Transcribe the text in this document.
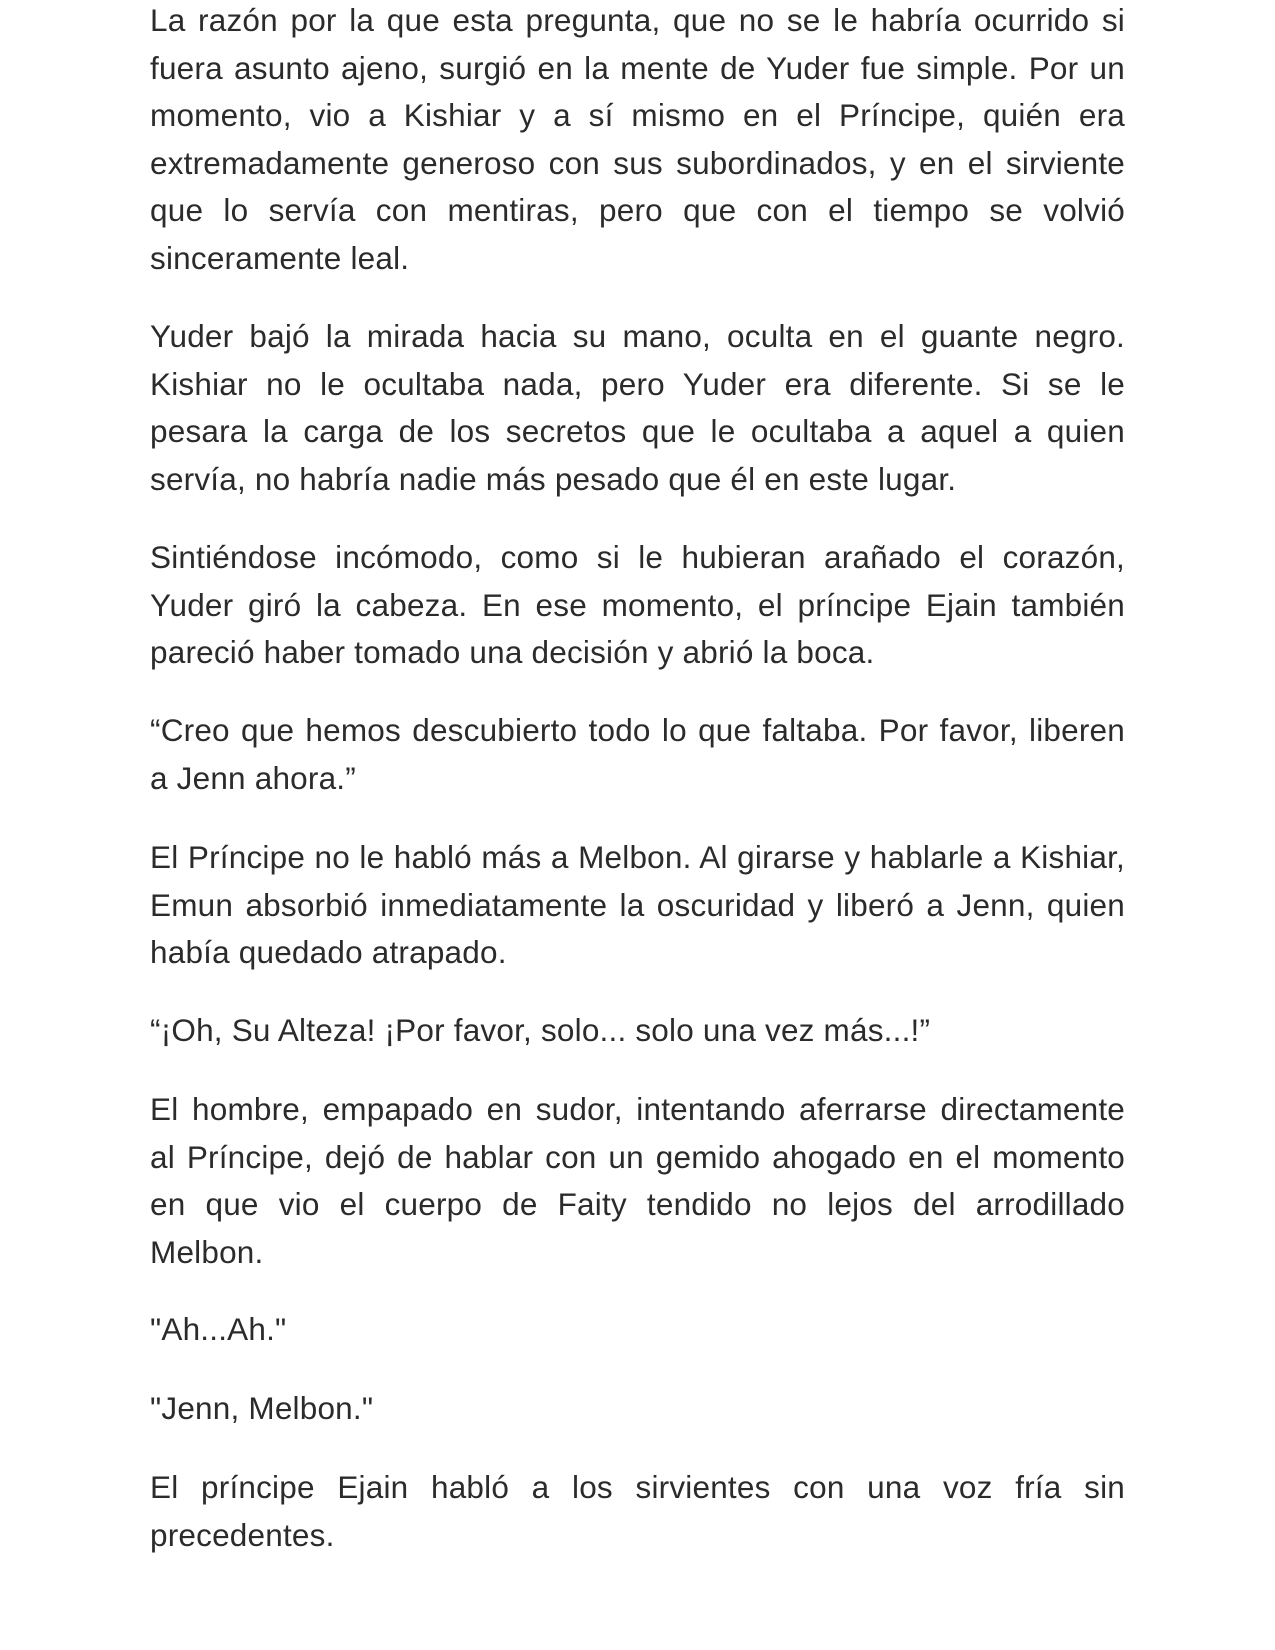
La razón por la que esta pregunta, que no se le habría ocurrido si fuera asunto ajeno, surgió en la mente de Yuder fue simple. Por un momento, vio a Kishiar y a sí mismo en el Príncipe, quién era extremadamente generoso con sus subordinados, y en el sirviente que lo servía con mentiras, pero que con el tiempo se volvió sinceramente leal.

Yuder bajó la mirada hacia su mano, oculta en el guante negro. Kishiar no le ocultaba nada, pero Yuder era diferente. Si se le pesara la carga de los secretos que le ocultaba a aquel a quien servía, no habría nadie más pesado que él en este lugar.

Sintiéndose incómodo, como si le hubieran arañado el corazón, Yuder giró la cabeza. En ese momento, el príncipe Ejain también pareció haber tomado una decisión y abrió la boca.

“Creo que hemos descubierto todo lo que faltaba. Por favor, liberen a Jenn ahora.”

El Príncipe no le habló más a Melbon. Al girarse y hablarle a Kishiar, Emun absorbió inmediatamente la oscuridad y liberó a Jenn, quien había quedado atrapado.

“¡Oh, Su Alteza! ¡Por favor, solo... solo una vez más...!”

El hombre, empapado en sudor, intentando aferrarse directamente al Príncipe, dejó de hablar con un gemido ahogado en el momento en que vio el cuerpo de Faity tendido no lejos del arrodillado Melbon.

"Ah...Ah."

"Jenn, Melbon."

El príncipe Ejain habló a los sirvientes con una voz fría sin precedentes.
